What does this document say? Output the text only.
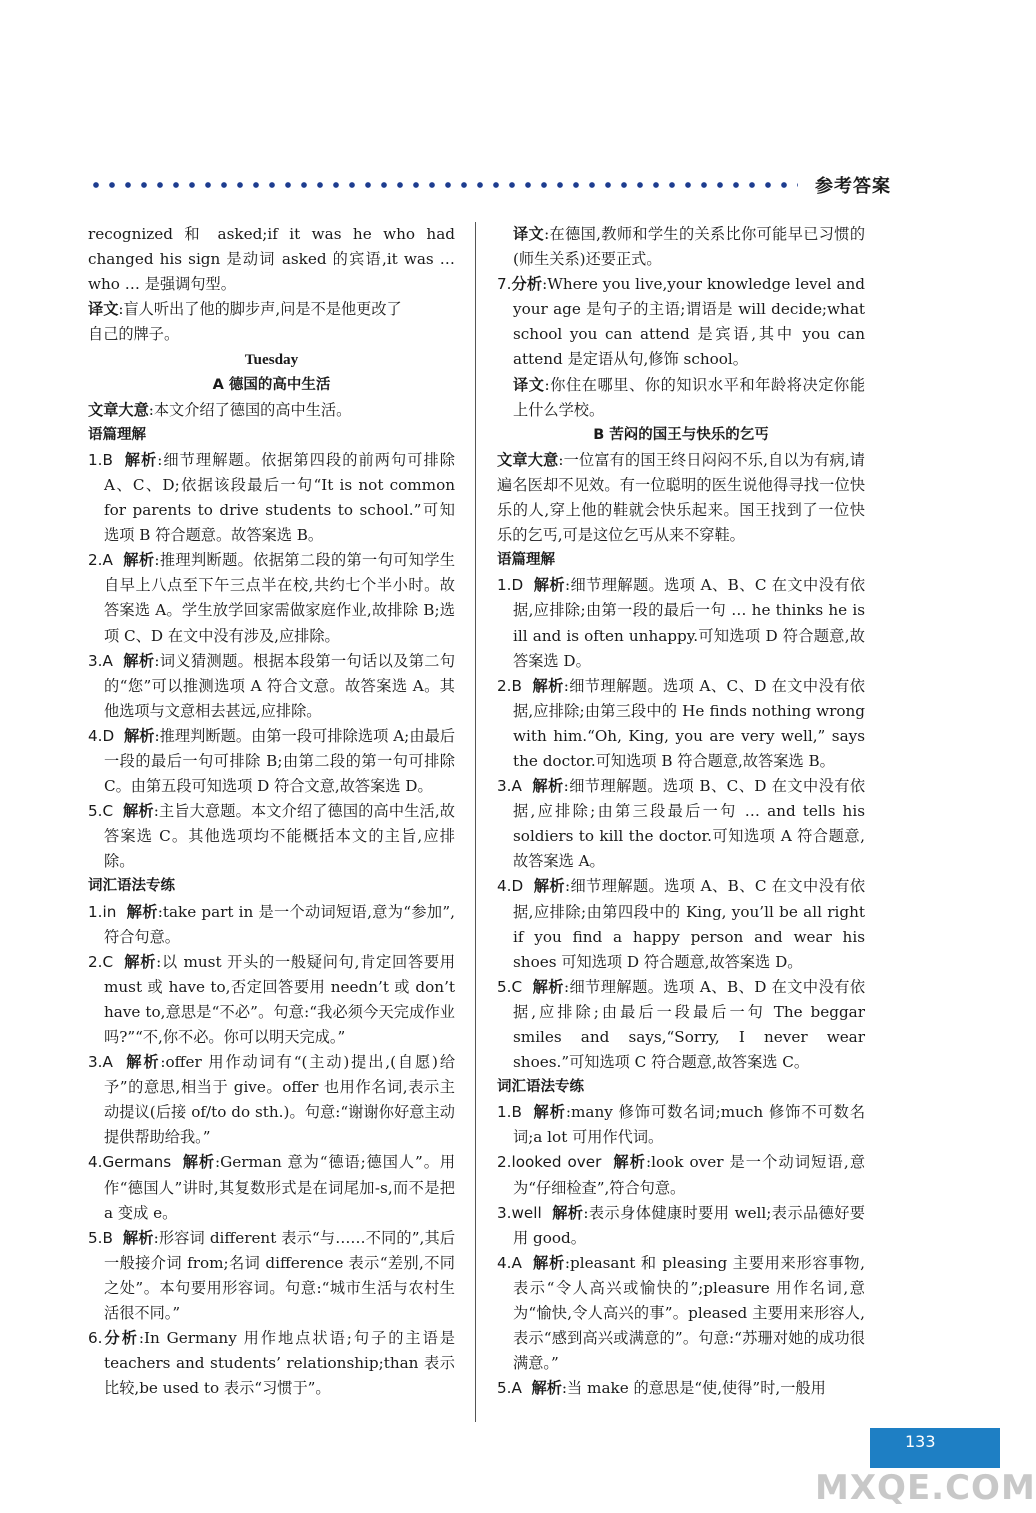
参考答案

recognized 和 asked;if it was he who had changed his sign 是动词 asked 的宾语,it was … who … 是强调句型。

译文:盲人听出了他的脚步声,问是不是他更改了

自己的牌子。

Tuesday

A 德国的高中生活

文章大意:本文介绍了德国的高中生活。

语篇理解

1.B 解析:细节理解题。依据第四段的前两句可排除 A、C、D;依据该段最后一句“It is not common for parents to drive students to school.”可知选项 B 符合题意。故答案选 B。

2.A 解析:推理判断题。依据第二段的第一句可知学生自早上八点至下午三点半在校,共约七个半小时。故答案选 A。学生放学回家需做家庭作业,故排除 B;选项 C、D 在文中没有涉及,应排除。

3.A 解析:词义猜测题。根据本段第一句话以及第二句的“您”可以推测选项 A 符合文意。故答案选 A。其他选项与文意相去甚远,应排除。

4.D 解析:推理判断题。由第一段可排除选项 A;由最后一段的最后一句可排除 B;由第二段的第一句可排除 C。由第五段可知选项 D 符合文意,故答案选 D。

5.C 解析:主旨大意题。本文介绍了德国的高中生活,故答案选 C。其他选项均不能概括本文的主旨,应排除。

词汇语法专练

1.in 解析:take part in 是一个动词短语,意为“参加”,符合句意。

2.C 解析:以 must 开头的一般疑问句,肯定回答要用 must 或 have to,否定回答要用 needn’t 或 don’t have to,意思是“不必”。句意:“我必须今天完成作业吗?”“不,你不必。你可以明天完成。”

3.A 解析:offer 用作动词有“(主动)提出,(自愿)给予”的意思,相当于 give。offer 也用作名词,表示主动提议(后接 of/to do sth.)。句意:“谢谢你好意主动提供帮助给我。”

4.Germans 解析:German 意为“德语;德国人”。用作“德国人”讲时,其复数形式是在词尾加-s,而不是把 a 变成 e。

5.B 解析:形容词 different 表示“与……不同的”,其后一般接介词 from;名词 difference 表示“差别,不同之处”。本句要用形容词。句意:“城市生活与农村生活很不同。”

6.分析:In Germany 用作地点状语;句子的主语是 teachers and students’ relationship;than 表示比较,be used to 表示“习惯于”。

译文:在德国,教师和学生的关系比你可能早已习惯的(师生关系)还要正式。

7.分析:Where you live,your knowledge level and your age 是句子的主语;谓语是 will decide;what school you can attend 是宾语,其中 you can attend 是定语从句,修饰 school。

译文:你住在哪里、你的知识水平和年龄将决定你能上什么学校。

B 苦闷的国王与快乐的乞丐

文章大意:一位富有的国王终日闷闷不乐,自以为有病,请遍名医却不见效。有一位聪明的医生说他得寻找一位快乐的人,穿上他的鞋就会快乐起来。国王找到了一位快乐的乞丐,可是这位乞丐从来不穿鞋。

语篇理解

1.D 解析:细节理解题。选项 A、B、C 在文中没有依据,应排除;由第一段的最后一句 … he thinks he is ill and is often unhappy.可知选项 D 符合题意,故答案选 D。

2.B 解析:细节理解题。选项 A、C、D 在文中没有依据,应排除;由第三段中的 He finds nothing wrong with him.“Oh, King, you are very well,” says the doctor.可知选项 B 符合题意,故答案选 B。

3.A 解析:细节理解题。选项 B、C、D 在文中没有依据,应排除;由第三段最后一句 … and tells his soldiers to kill the doctor.可知选项 A 符合题意,故答案选 A。

4.D 解析:细节理解题。选项 A、B、C 在文中没有依据,应排除;由第四段中的 King, you’ll be all right if you find a happy person and wear his shoes 可知选项 D 符合题意,故答案选 D。

5.C 解析:细节理解题。选项 A、B、D 在文中没有依据,应排除;由最后一段最后一句 The beggar smiles and says,“Sorry, I never wear shoes.”可知选项 C 符合题意,故答案选 C。

词汇语法专练

1.B 解析:many 修饰可数名词;much 修饰不可数名词;a lot 可用作代词。

2.looked over 解析:look over 是一个动词短语,意为“仔细检查”,符合句意。

3.well 解析:表示身体健康时要用 well;表示品德好要用 good。

4.A 解析:pleasant 和 pleasing 主要用来形容事物,表示“令人高兴或愉快的”;pleasure 用作名词,意为“愉快,令人高兴的事”。pleased 主要用来形容人,表示“感到高兴或满意的”。句意:“苏珊对她的成功很满意。”

5.A 解析:当 make 的意思是“使,使得”时,一般用

133
MXQE.COM
